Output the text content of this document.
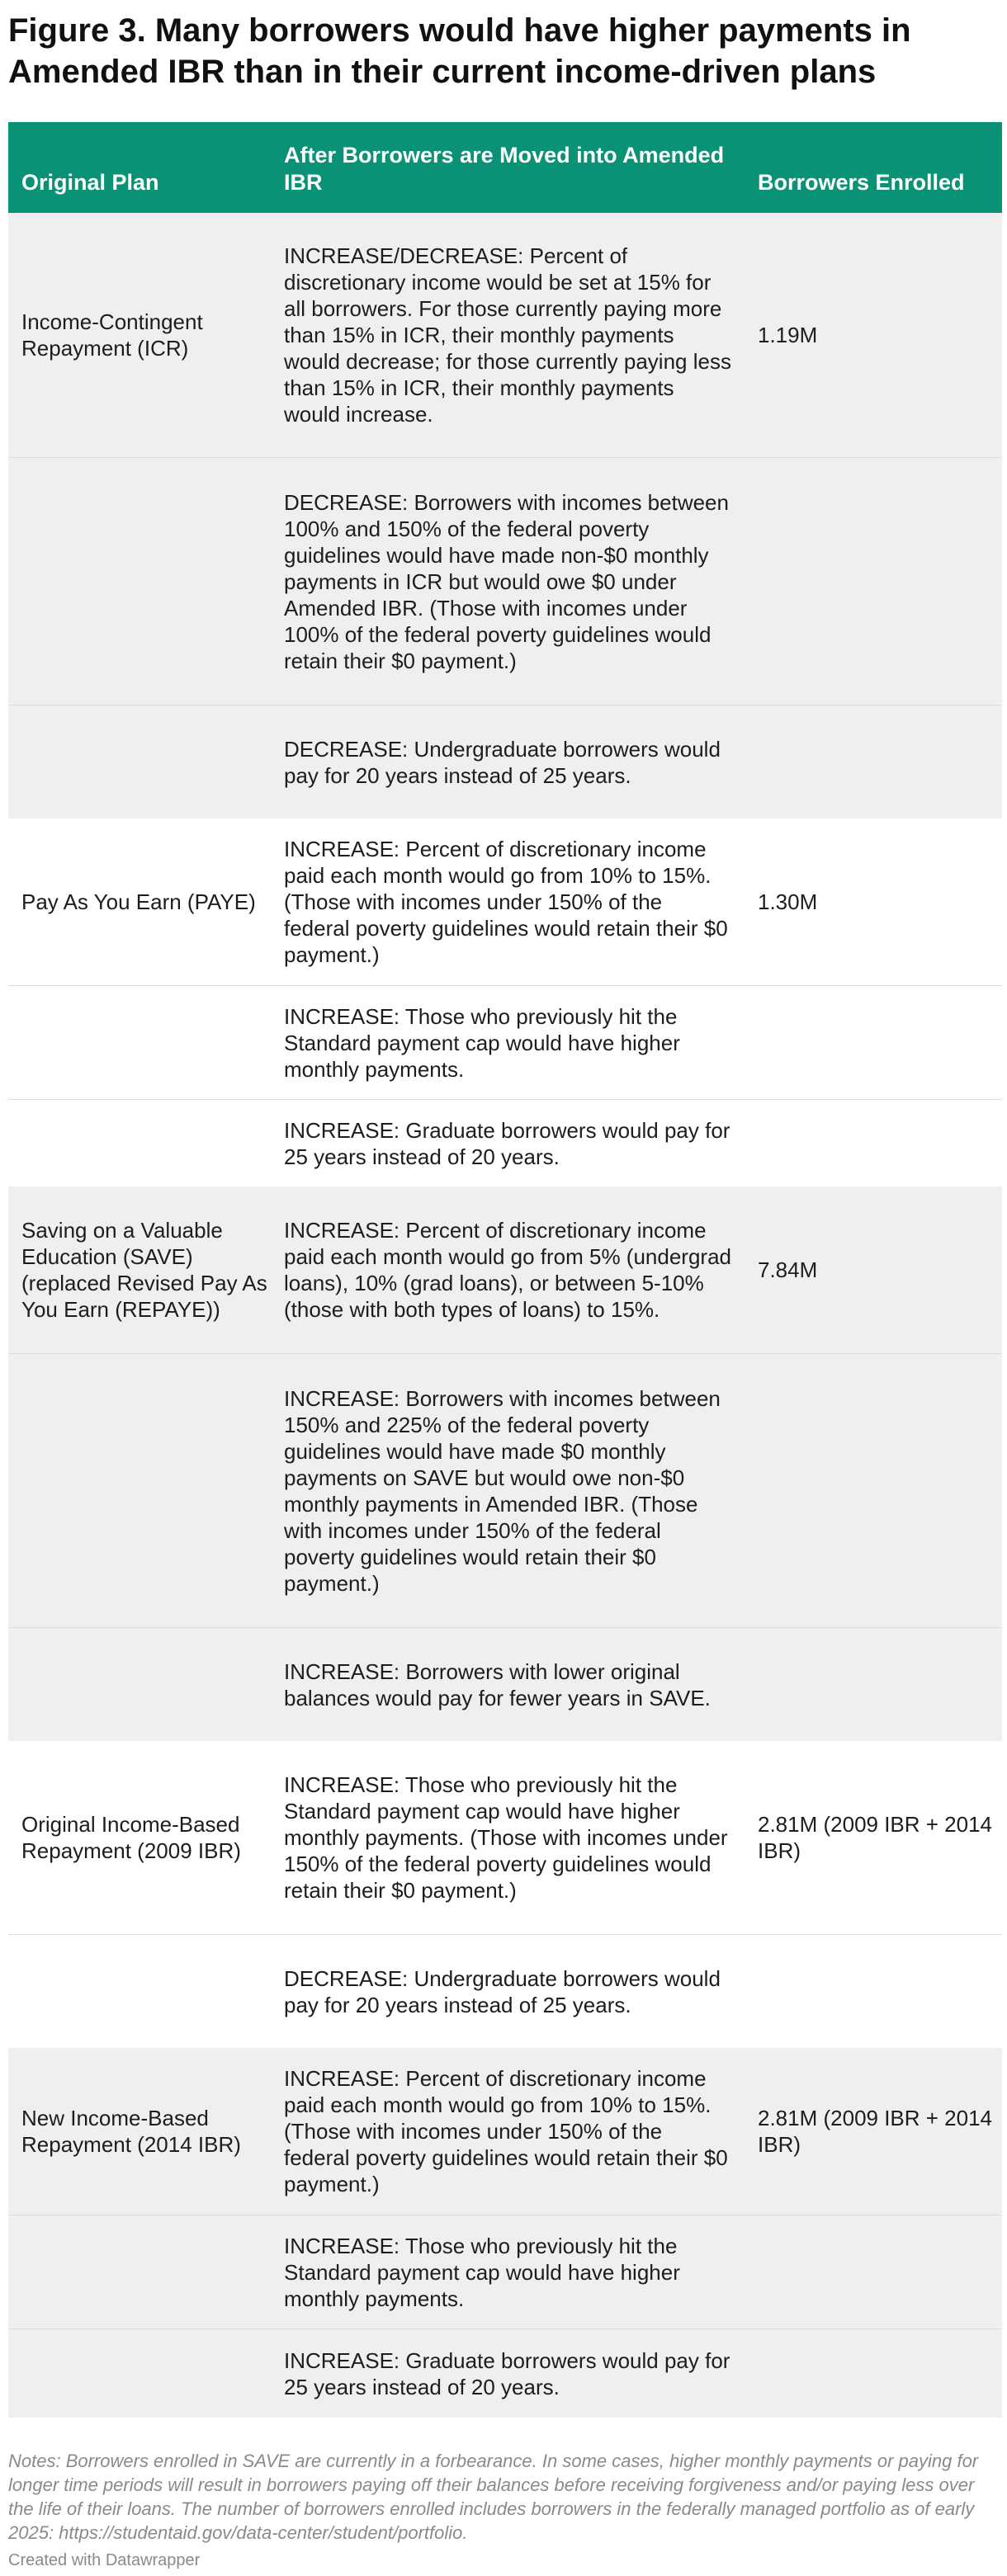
Figure 3. Many borrowers would have higher payments in Amended IBR than in their current income-driven plans
Original Plan
After Borrowers are Moved into Amended IBR	Borrowers Enrolled
Income-Contingent Repayment (ICR)
INCREASE/DECREASE: Percent of discretionary income would be set at 15% for all borrowers. For those currently paying more than 15% in ICR, their monthly payments would decrease; for those currently paying less than 15% in ICR, their monthly payments would increase.
1.19M
DECREASE: Borrowers with incomes between 100% and 150% of the federal poverty guidelines would have made non-$0 monthly payments in ICR but would owe $0 under Amended IBR. (Those with incomes under 100% of the federal poverty guidelines would retain their $0 payment.)
DECREASE: Undergraduate borrowers would pay for 20 years instead of 25 years.
Pay As You Earn (PAYE)
INCREASE: Percent of discretionary income paid each month would go from 10% to 15%. (Those with incomes under 150% of the federal poverty guidelines would retain their $0 payment.)
1.30M
INCREASE: Those who previously hit the Standard payment cap would have higher monthly payments.
INCREASE: Graduate borrowers would pay for 25 years instead of 20 years.
Saving on a Valuable Education (SAVE) (replaced Revised Pay As You Earn (REPAYE))
INCREASE: Percent of discretionary income paid each month would go from 5% (undergrad loans), 10% (grad loans), or between 5-10% (those with both types of loans) to 15%.
7.84M
INCREASE: Borrowers with incomes between 150% and 225% of the federal poverty guidelines would have made $0 monthly payments on SAVE but would owe non-$0 monthly payments in Amended IBR. (Those with incomes under 150% of the federal poverty guidelines would retain their $0 payment.)
INCREASE: Borrowers with lower original balances would pay for fewer years in SAVE.
Original Income-Based Repayment (2009 IBR)
INCREASE: Those who previously hit the Standard payment cap would have higher monthly payments. (Those with incomes under 150% of the federal poverty guidelines would retain their $0 payment.)
2.81M (2009 IBR + 2014 IBR)
DECREASE: Undergraduate borrowers would pay for 20 years instead of 25 years.
New Income-Based Repayment (2014 IBR)
INCREASE: Percent of discretionary income paid each month would go from 10% to 15%. (Those with incomes under 150% of the federal poverty guidelines would retain their $0 payment.)
2.81M (2009 IBR + 2014 IBR)
INCREASE: Those who previously hit the Standard payment cap would have higher monthly payments.
INCREASE: Graduate borrowers would pay for 25 years instead of 20 years.

Notes: Borrowers enrolled in SAVE are currently in a forbearance. In some cases, higher monthly payments or paying for longer time periods will result in borrowers paying off their balances before receiving forgiveness and/or paying less over the life of their loans. The number of borrowers enrolled includes borrowers in the federally managed portfolio as of early 2025: https://studentaid.gov/data-center/student/portfolio.

Created with Datawrapper
